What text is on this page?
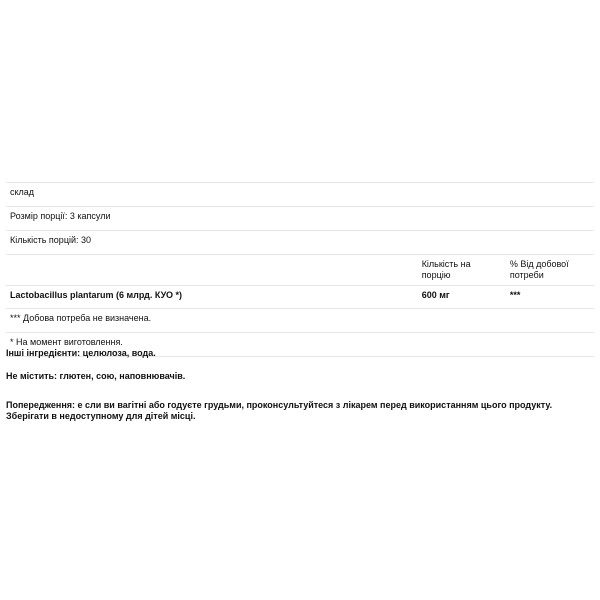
склад		
Розмір порції: 3 капсули		
Кількість порцій: 30		
	Кількість на порцію	% Від добової потреби
Lactobacillus plantarum (6 млрд. КУО *)	600 мг	***
*** Добова потреба не визначена.		
* На момент виготовлення.		

Інші інгредієнти: целюлоза, вода.

Не містить: глютен, сою, наповнювачів.

Попередження: е сли ви вагітні або годуєте грудьми, проконсультуйтеся з лікарем перед використанням цього продукту.
Зберігати в недоступному для дітей місці.
